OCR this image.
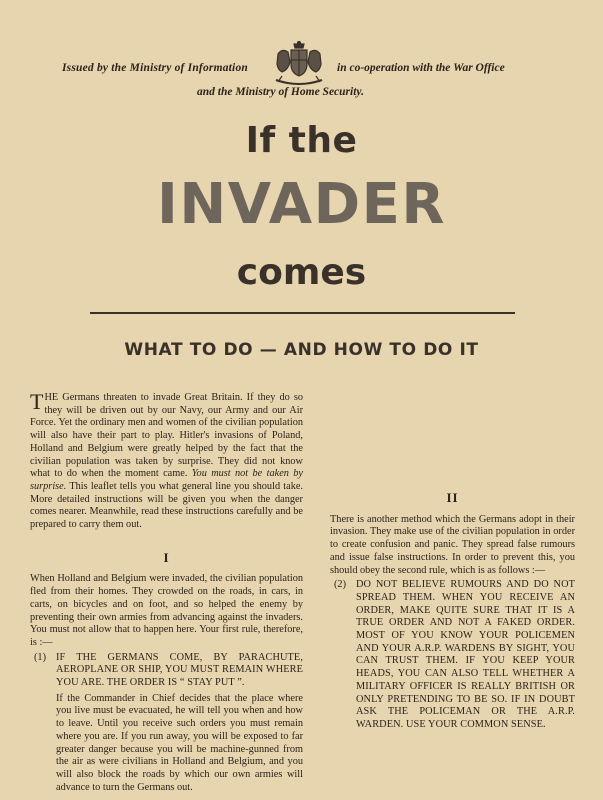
Issued by the Ministry of Information	in co-operation with the War Office
and the Ministry of Home Security.
If the
INVADER
comes
WHAT TO DO — AND HOW TO DO IT

THE Germans threaten to invade Great Britain. If they do so they will be driven out by our Navy, our Army and our Air Force. Yet the ordinary men and women of the civilian population will also have their part to play. Hitler's invasions of Poland, Holland and Belgium were greatly helped by the fact that the civilian population was taken by surprise. They did not know what to do when the moment came. You must not be taken by surprise. This leaflet tells you what general line you should take. More detailed instructions will be given you when the danger comes nearer. Meanwhile, read these instructions carefully and be prepared to carry them out.

I

When Holland and Belgium were invaded, the civilian population fled from their homes. They crowded on the roads, in cars, in carts, on bicycles and on foot, and so helped the enemy by preventing their own armies from advancing against the invaders. You must not allow that to happen here. Your first rule, therefore, is :—

(1) IF THE GERMANS COME, BY PARACHUTE, AEROPLANE OR SHIP, YOU MUST REMAIN WHERE YOU ARE. THE ORDER IS “ STAY PUT ”.

If the Commander in Chief decides that the place where you live must be evacuated, he will tell you when and how to leave. Until you receive such orders you must remain where you are. If you run away, you will be exposed to far greater danger because you will be machine-gunned from the air as were civilians in Holland and Belgium, and you will also block the roads by which our own armies will advance to turn the Germans out.

II

There is another method which the Germans adopt in their invasion. They make use of the civilian population in order to create confusion and panic. They spread false rumours and issue false instructions. In order to prevent this, you should obey the second rule, which is as follows :—

(2) DO NOT BELIEVE RUMOURS AND DO NOT SPREAD THEM. WHEN YOU RECEIVE AN ORDER, MAKE QUITE SURE THAT IT IS A TRUE ORDER AND NOT A FAKED ORDER. MOST OF YOU KNOW YOUR POLICEMEN AND YOUR A.R.P. WARDENS BY SIGHT, YOU CAN TRUST THEM. IF YOU KEEP YOUR HEADS, YOU CAN ALSO TELL WHETHER A MILITARY OFFICER IS REALLY BRITISH OR ONLY PRETENDING TO BE SO. IF IN DOUBT ASK THE POLICEMAN OR THE A.R.P. WARDEN. USE YOUR COMMON SENSE.
